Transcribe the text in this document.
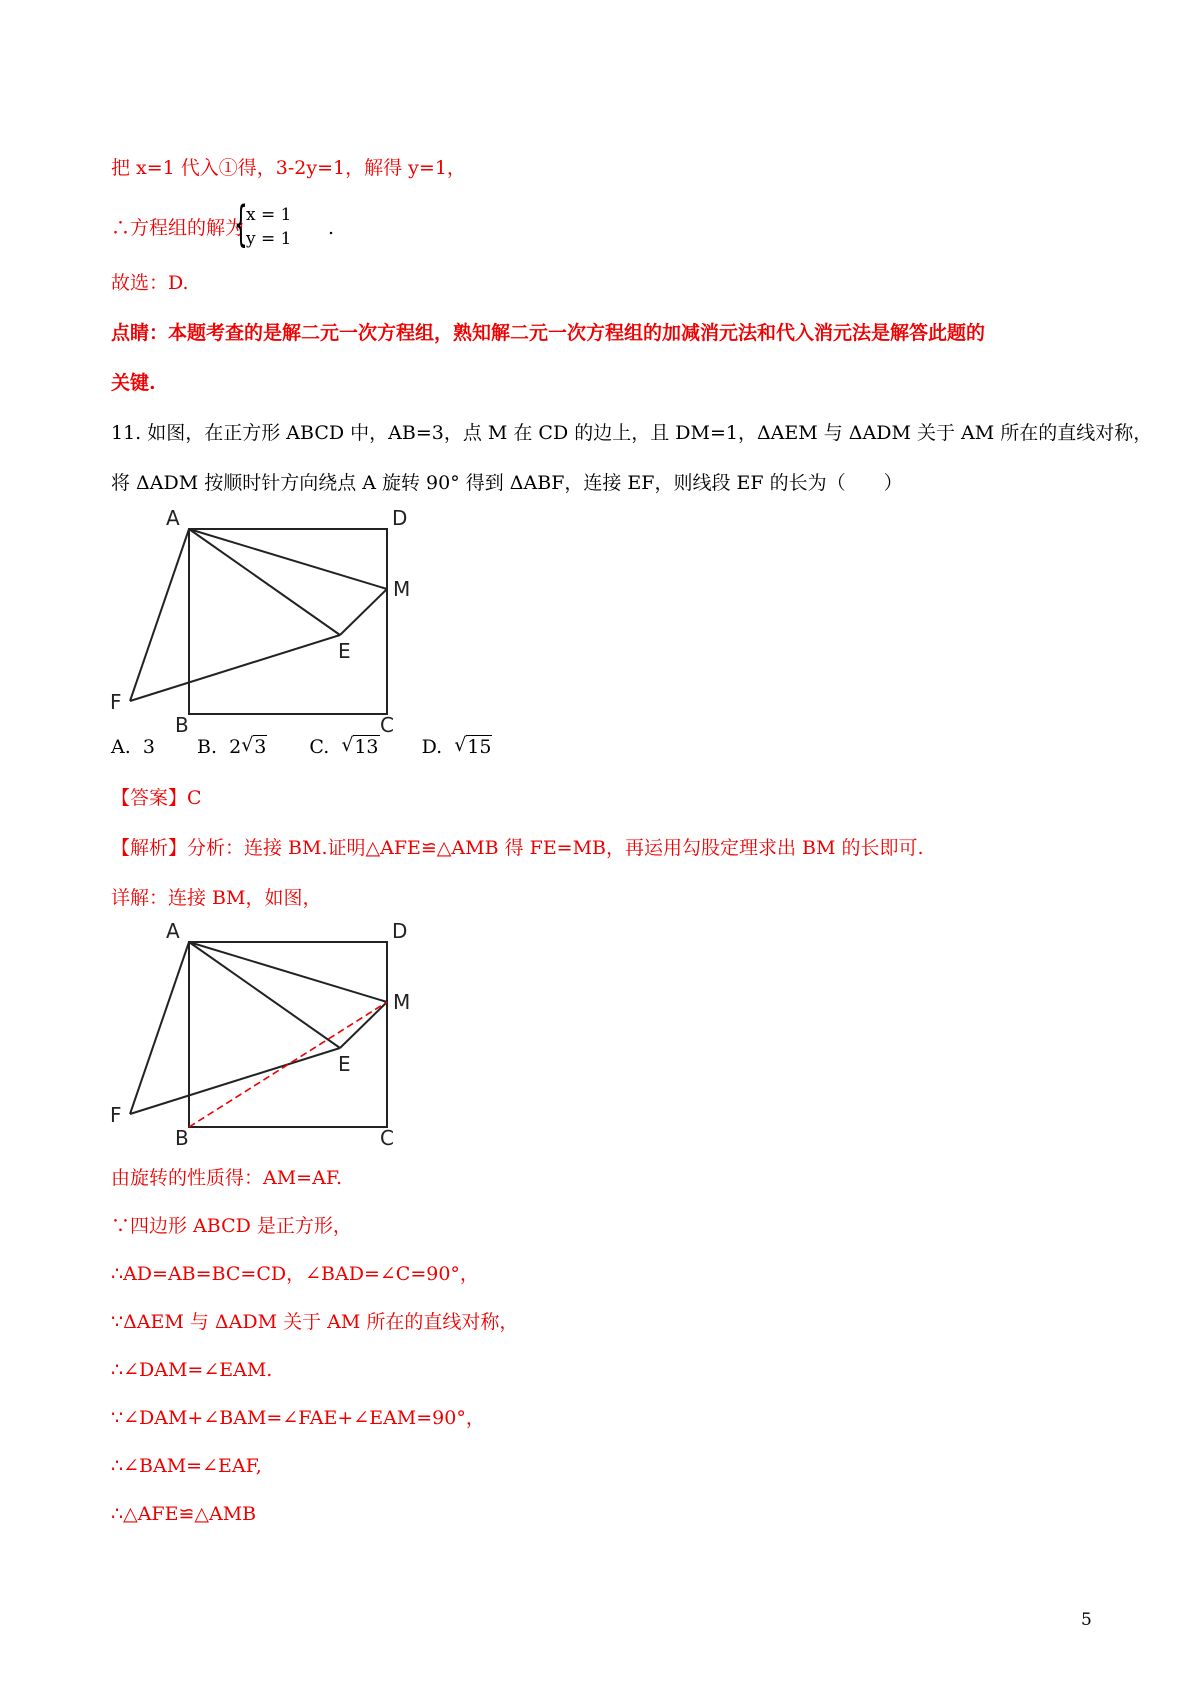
把 x=1 代入①得，3-2y=1，解得 y=1，
∴方程组的解为
{
x = 1
y = 1 .
故选：D.
点睛：本题考查的是解二元一次方程组，熟知解二元一次方程组的加减消元法和代入消元法是解答此题的
关键.
11. 如图，在正方形 ABCD 中，AB=3，点 M 在 CD 的边上，且 DM=1，ΔAEM 与 ΔADM 关于 AM 所在的直线对称，
将 ΔADM 按顺时针方向绕点 A 旋转 90° 得到 ΔABF，连接 EF，则线段 EF 的长为（　　）
A	D
M
E
F
B	C
A. 3 B. 2 √ 3 C. √ 13 D. √ 15
【答案】C
【解析】分析：连接 BM.证明△AFE≌△AMB 得 FE=MB，再运用勾股定理求出 BM 的长即可.
详解：连接 BM，如图，
A	D
M
E
F
B	C
由旋转的性质得：AM=AF.
∵四边形 ABCD 是正方形，
∴AD=AB=BC=CD，∠BAD=∠C=90°，
∵ΔAEM 与 ΔADM 关于 AM 所在的直线对称，
∴∠DAM=∠EAM.
∵∠DAM+∠BAM=∠FAE+∠EAM=90°，
∴∠BAM=∠EAF,
∴△AFE≌△AMB
5
